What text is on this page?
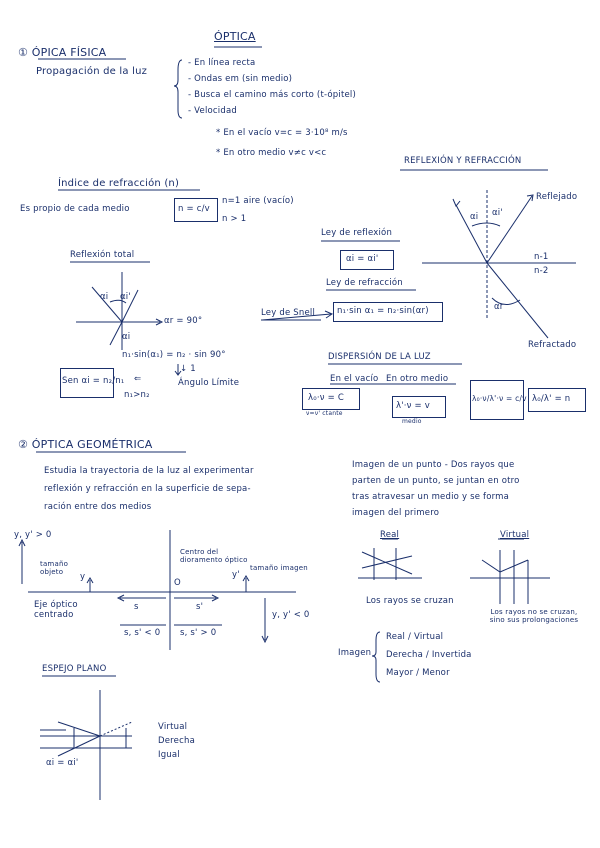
ÓPTICA
① ÓPICA FÍSICA
Propagación de la luz
- En línea recta
- Ondas em (sin medio)
- Busca el camino más corto (t-ópitel)
- Velocidad
* En el vacío v=c = 3·10⁸ m/s
* En otro medio v≠c v<c
Índice de refracción (n)
Es propio de cada medio	n = c/v
n=1 aire (vacío)
n > 1
Reflexión total
αr = 90°
αi αi'
αi
n₁·sin(α₁) = n₂ · sin 90°
↓ 1
Ángulo Límite
Sen αi = n₂/n₁ ⇐
n₁>n₂
REFLEXIÓN Y REFRACCIÓN
Reflejado
Refractado
n-1
n-2
αi αi'
αr
Ley de reflexión
αi = αi'
Ley de refracción
Ley de Snell	n₁·sin α₁ = n₂·sin(αr)
DISPERSIÓN DE LA LUZ
En el vacío
λ₀·ν = C
ν=ν' ctante
En otro medio
λ'·ν = v
medio
λ₀·ν/λ'·ν = c/v λ₀/λ' = n
② ÓPTICA GEOMÉTRICA
Estudia la trayectoria de la luz al experimentar
reflexión y refracción en la superficie de sepa-
ración entre dos medios
Imagen de un punto - Dos rayos que
parten de un punto, se juntan en otro
tras atravesar un medio y se forma
imagen del primero
y, y' > 0
tamaño objeto	y	y'
tamaño imagen
Centro del dioramento óptico
O
s	s'
Eje óptico centrado
s, s' < 0 s, s' > 0
y, y' < 0
Real	Virtual
Los rayos se cruzan
Los rayos no se cruzan, sino sus prolongaciones
Imagen
Real / Virtual
Derecha / Invertida
Mayor / Menor
ESPEJO PLANO
αi = αi'
Virtual
Derecha
Igual
